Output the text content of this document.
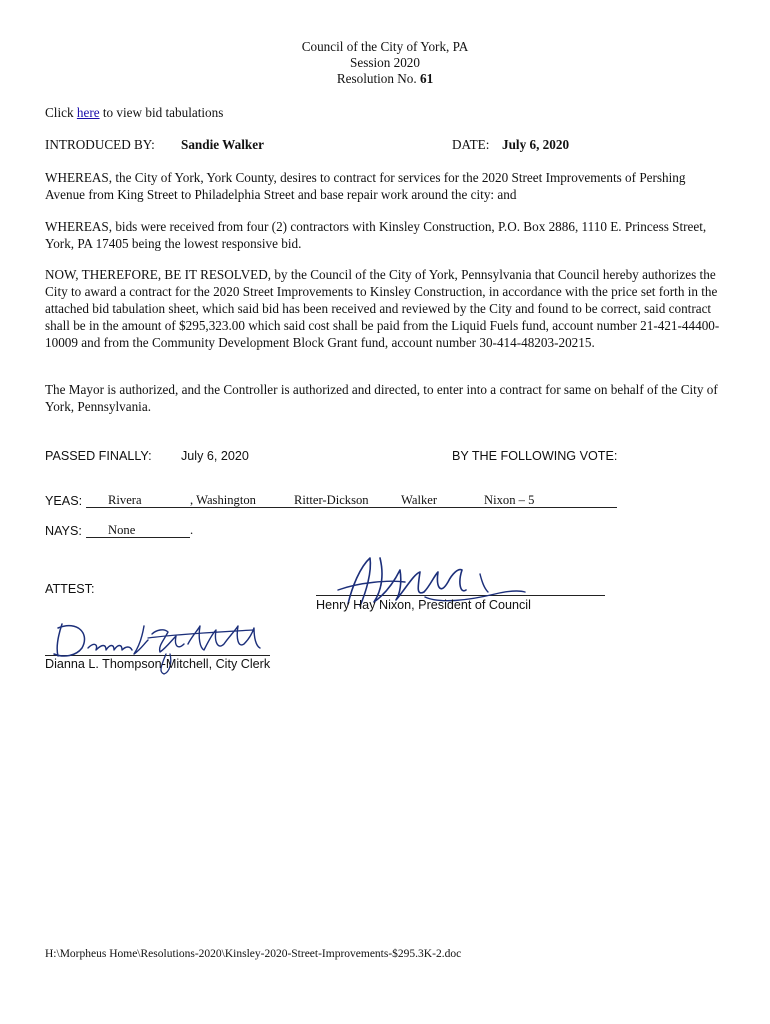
Council of the City of York, PA
Session 2020
Resolution No. 61
Click here to view bid tabulations
INTRODUCED BY: Sandie Walker	DATE: July 6, 2020
WHEREAS, the City of York, York County, desires to contract for services for the 2020 Street Improvements of Pershing Avenue from King Street to Philadelphia Street and base repair work around the city: and
WHEREAS, bids were received from four (2) contractors with Kinsley Construction, P.O. Box 2886, 1110 E. Princess Street, York, PA 17405 being the lowest responsive bid.
NOW, THEREFORE, BE IT RESOLVED, by the Council of the City of York, Pennsylvania that Council hereby authorizes the City to award a contract for the 2020 Street Improvements to Kinsley Construction, in accordance with the price set forth in the attached bid tabulation sheet, which said bid has been received and reviewed by the City and found to be correct, said contract shall be in the amount of $295,323.00 which said cost shall be paid from the Liquid Fuels fund, account number 21-421-44400-10009 and from the Community Development Block Grant fund, account number 30-414-48203-20215.
The Mayor is authorized, and the Controller is authorized and directed, to enter into a contract for same on behalf of the City of York, Pennsylvania.
PASSED FINALLY: July 6, 2020	BY THE FOLLOWING VOTE:
YEAS: Rivera	, Washington	Ritter-Dickson	Walker	Nixon – 5
NAYS: None	.
ATTEST:
Henry Hay Nixon, President of Council
Dianna L. Thompson-Mitchell, City Clerk
H:\Morpheus Home\Resolutions-2020\Kinsley-2020-Street-Improvements-$295.3K-2.doc
